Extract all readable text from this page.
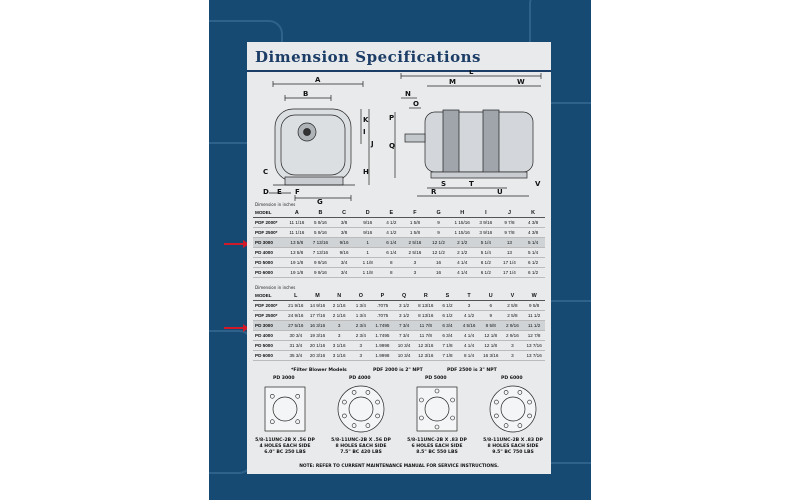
Dimension Specifications
A
B
K
I
J
C	H
D E F
G
L
M	W
N
O
P
Q
S	T
R	U
V
Dimension in inches
MODEL	A	B	C	D	E	F	G	H	I	J	K
PDF 2000*	11 1/16	5 9/16	3/8	9/16	4 1/2	1 5/8	9	1 15/16	3 9/16	9 7/8	4 3/8
PDF 2500*	11 1/16	5 9/16	3/8	9/16	4 1/2	1 5/8	9	1 15/16	3 9/16	9 7/8	4 3/8
PD 3000	13 5/8	7 13/16	9/16	1	6 1/4	2 5/16	12 1/2	2 1/2	5 1/4	13	5 1/4
PD 4000	13 5/8	7 13/16	9/16	1	6 1/4	2 5/16	12 1/2	2 1/2	5 1/4	13	5 1/4
PD 5000	19 1/8	9 9/16	3/4	1 1/8	8	3	16	4 1/4	6 1/2	17 1/4	6 1/2
PD 6000	19 1/8	9 9/16	3/4	1 1/8	8	3	16	4 1/4	6 1/2	17 1/4	6 1/2
Dimension in inches
MODEL	L	M	N	O	P	Q	R	S	T	U	V	W
PDF 2000*	21 9/16	14 9/16	2 1/16	1 3/4	.7075	3 1/2	8 13/16	6 1/2	3	6	2 5/8	9 5/8
PDF 2500*	24 9/16	17 7/16	2 1/16	1 3/4	.7075	3 1/2	8 13/16	6 1/2	4 1/2	9	2 5/8	11 1/2
PD 3000	27 5/16	16 3/16	3	2 3/4	1.7495	7 3/4	11 7/8	6 3/4	4 5/16	8 5/8	2 9/16	11 1/2
PD 4000	30 3/4	19 3/16	3	2 3/4	1.7495	7 3/4	11 7/8	6 3/4	4 1/4	12 1/8	2 9/16	12 7/8
PD 5000	31 3/4	20 1/16	3 1/16	3	1.9998	10 3/4	12 3/16	7 1/8	4 1/4	12 1/8	3	13 7/16
PD 6000	35 3/4	20 3/16	3 1/16	3	1.9998	10 3/4	12 3/16	7 1/8	8 1/4	16 3/16	3	13 7/16
*Filter Blower Models	PDF 2000 is 2" NPT	PDF 2500 is 3" NPT
PD 3000
5/8-11UNC-2B X .56 DP
4 HOLES EACH SIDE
6.0" BC 250 LBS
PD 4000
5/8-11UNC-2B X .56 DP
8 HOLES EACH SIDE
7.5" BC 420 LBS
PD 5000
5/8-11UNC-2B X .83 DP
6 HOLES EACH SIDE
8.5" BC 550 LBS
PD 6000
5/8-11UNC-2B X .83 DP
8 HOLES EACH SIDE
9.5" BC 750 LBS
NOTE: REFER TO CURRENT MAINTENANCE MANUAL FOR SERVICE INSTRUCTIONS.
